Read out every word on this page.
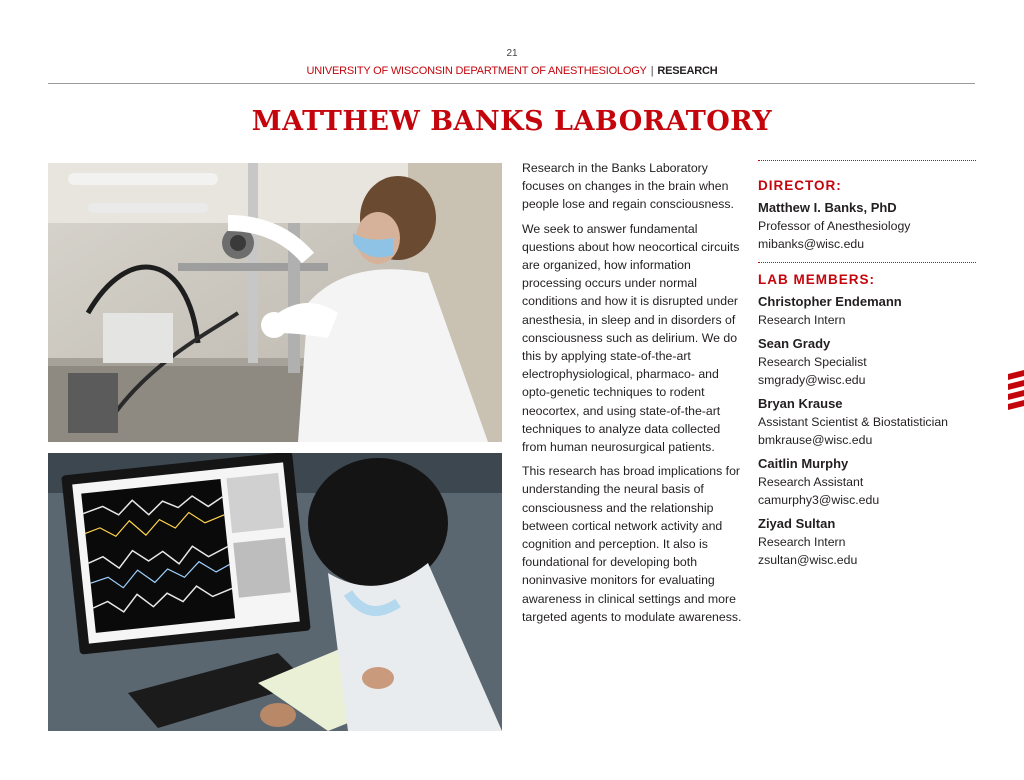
21
UNIVERSITY OF WISCONSIN DEPARTMENT OF ANESTHESIOLOGY | RESEARCH
MATTHEW BANKS LABORATORY

Research in the Banks Laboratory focuses on changes in the brain when people lose and regain consciousness.

We seek to answer fundamental questions about how neocortical circuits are organized, how information processing occurs under normal conditions and how it is disrupted under anesthesia, in sleep and in disorders of consciousness such as delirium. We do this by applying state-of-the-art electrophysiological, pharmaco- and opto-genetic techniques to rodent neocortex, and using state-of-the-art techniques to analyze data collected from human neurosurgical patients.

This research has broad implications for understanding the neural basis of consciousness and the relationship between cortical network activity and cognition and perception. It also is foundational for developing both noninvasive monitors for evaluating awareness in clinical settings and more targeted agents to modulate awareness.

DIRECTOR:
Matthew I. Banks, PhD
Professor of Anesthesiology
mibanks@wisc.edu
LAB MEMBERS:
Christopher Endemann
Research Intern
Sean Grady
Research Specialist
smgrady@wisc.edu
Bryan Krause
Assistant Scientist & Biostatistician
bmkrause@wisc.edu
Caitlin Murphy
Research Assistant
camurphy3@wisc.edu
Ziyad Sultan
Research Intern
zsultan@wisc.edu
